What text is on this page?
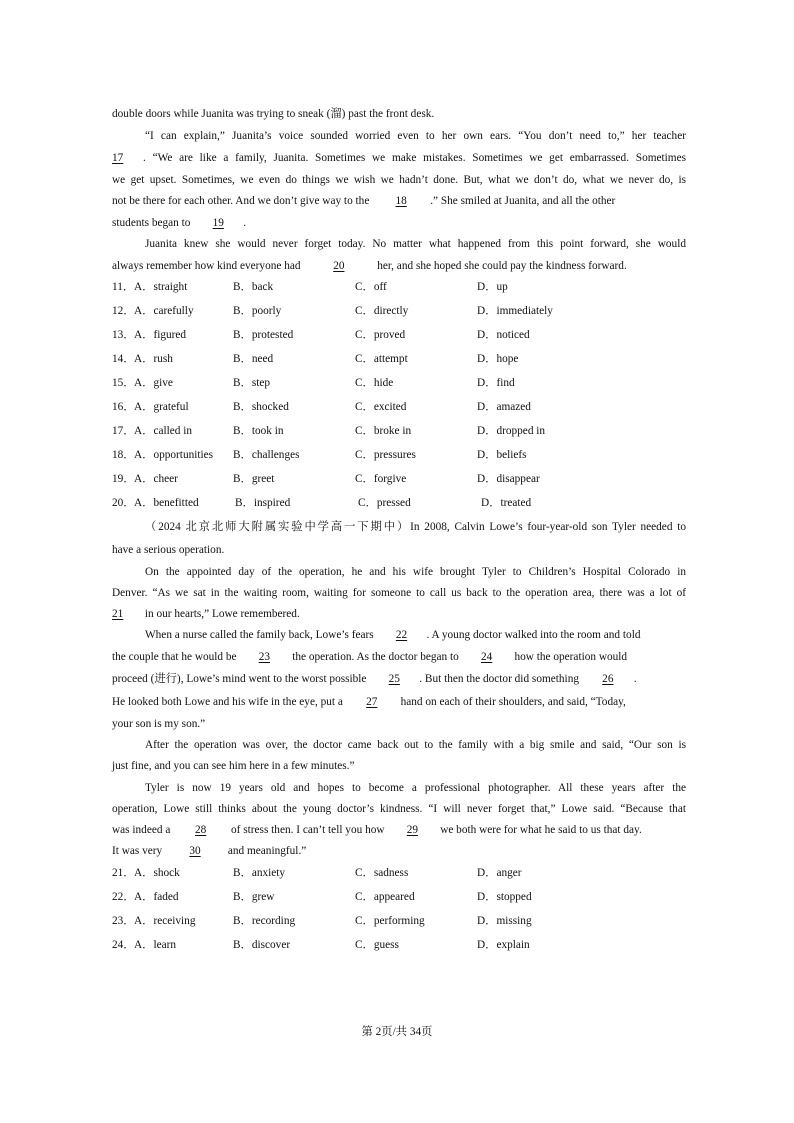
double doors while Juanita was trying to sneak (溜) past the front desk.
“I can explain,” Juanita’s voice sounded worried even to her own ears. “You don’t need to,” her teacher
17 . “We are like a family, Juanita. Sometimes we make mistakes. Sometimes we get embarrassed. Sometimes
we get upset. Sometimes, we even do things we wish we hadn’t done. But, what we don’t do, what we never do, is
not be there for each other. And we don’t give way to the 18 .” She smiled at Juanita, and all the other
students began to 19 .
Juanita knew she would never forget today. No matter what happened from this point forward, she would
always remember how kind everyone had	20	her, and she hoped she could pay the kindness forward.
11． A．straight	B．back	C．off	D．up
12． A．carefully	B．poorly	C．directly	D．immediately
13． A．figured	B．protested	C．proved	D．noticed
14． A．rush	B．need	C．attempt	D．hope
15． A．give	B．step	C．hide	D．find
16． A．grateful	B．shocked	C．excited	D．amazed
17． A．called in	B．took in	C．broke in	D．dropped in
18． A．opportunities B．challenges	C．pressures	D．beliefs
19． A．cheer	B．greet	C．forgive	D．disappear
20． A．benefitted	B．inspired	C．pressed	D．treated
（2024 北京北师大附属实验中学高一下期中）In 2008, Calvin Lowe’s four-year-old son Tyler needed to
have a serious operation.
On the appointed day of the operation, he and his wife brought Tyler to Children’s Hospital Colorado in
Denver. “As we sat in the waiting room, waiting for someone to call us back to the operation area, there was a lot of
21 in our hearts,” Lowe remembered.
When a nurse called the family back, Lowe’s fears 22 . A young doctor walked into the room and told
the couple that he would be 23 the operation. As the doctor began to 24 how the operation would
proceed (进行), Lowe’s mind went to the worst possible 25 . But then the doctor did something 26 .
He looked both Lowe and his wife in the eye, put a 27 hand on each of their shoulders, and said, “Today,
your son is my son.”
After the operation was over, the doctor came back out to the family with a big smile and said, “Our son is
just fine, and you can see him here in a few minutes.”
Tyler is now 19 years old and hopes to become a professional photographer. All these years after the
operation, Lowe still thinks about the young doctor’s kindness. “I will never forget that,” Lowe said. “Because that
was indeed a 28 of stress then. I can’t tell you how 29 we both were for what he said to us that day.
It was very 30 and meaningful.”
21． A．shock	B．anxiety	C．sadness	D．anger
22． A．faded	B．grew	C．appeared	D．stopped
23． A．receiving	B．recording	C．performing	D．missing
24． A．learn	B．discover	C．guess	D．explain
第 2页/共 34页
